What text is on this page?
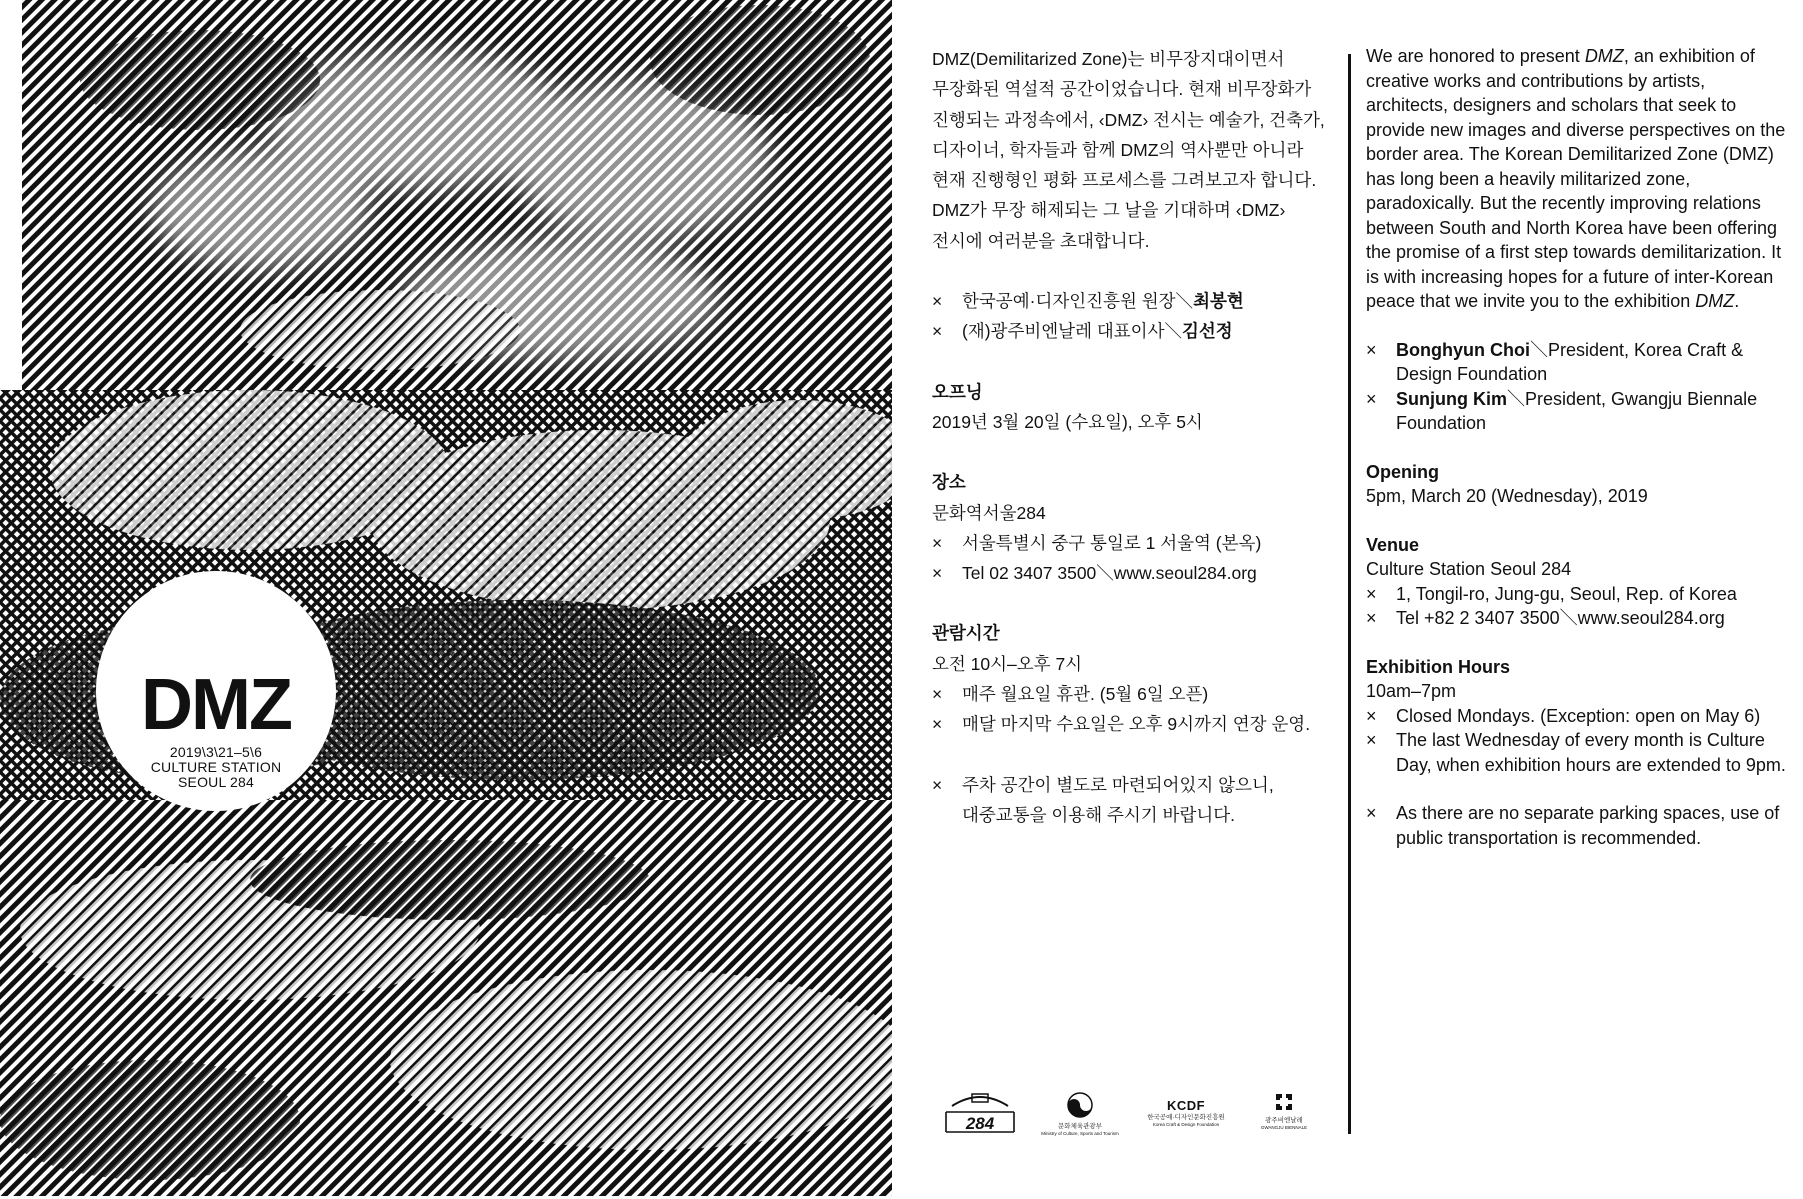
DMZ
2019\3\21–5\6
CULTURE STATION
SEOUL 284

DMZ(Demilitarized Zone)는 비무장지대이면서

무장화된 역설적 공간이었습니다. 현재 비무장화가

진행되는 과정속에서, ‹DMZ› 전시는 예술가, 건축가,

디자이너, 학자들과 함께 DMZ의 역사뿐만 아니라

현재 진행형인 평화 프로세스를 그려보고자 합니다.

DMZ가 무장 해제되는 그 날을 기대하며 ‹DMZ›

전시에 여러분을 초대합니다.

×	한국공예·디자인진흥원 원장＼최봉현

×	(재)광주비엔날레 대표이사＼김선정

오프닝

2019년 3월 20일 (수요일), 오후 5시

장소

문화역서울284

×	서울특별시 중구 통일로 1 서울역 (본옥)

×	Tel 02 3407 3500＼www.seoul284.org

관람시간

오전 10시–오후 7시

×	매주 월요일 휴관. (5월 6일 오픈)

×	매달 마지막 수요일은 오후 9시까지 연장 운영.

×	주차 공간이 별도로 마련되어있지 않으니,
대중교통을 이용해 주시기 바랍니다.

We are honored to present DMZ, an exhibition of creative works and contributions by artists, architects, designers and scholars that seek to provide new images and diverse perspectives on the border area. The Korean Demilitarized Zone (DMZ) has long been a heavily militarized zone, paradoxically. But the recently improving relations between South and North Korea have been offering the promise of a first step towards demilitarization. It is with increasing hopes for a future of inter-Korean peace that we invite you to the exhibition DMZ.

×	Bonghyun Choi＼President, Korea Craft & Design Foundation

×	Sunjung Kim＼President, Gwangju Biennale Foundation

Opening

5pm, March 20 (Wednesday), 2019

Venue

Culture Station Seoul 284

×	1, Tongil-ro, Jung-gu, Seoul, Rep. of Korea

×	Tel +82 2 3407 3500＼www.seoul284.org

Exhibition Hours

10am–7pm

×	Closed Mondays. (Exception: open on May 6)

×	The last Wednesday of every month is Culture Day, when exhibition hours are extended to 9pm.

×	As there are no separate parking spaces, use of public transportation is recommended.

284	문화체육관광부
Ministry of Culture, Sports and Tourism
KCDF
한국공예·디자인문화진흥원
Korea Craft & Design Foundation
광주비엔날레
GWANGJU BIENNALE
